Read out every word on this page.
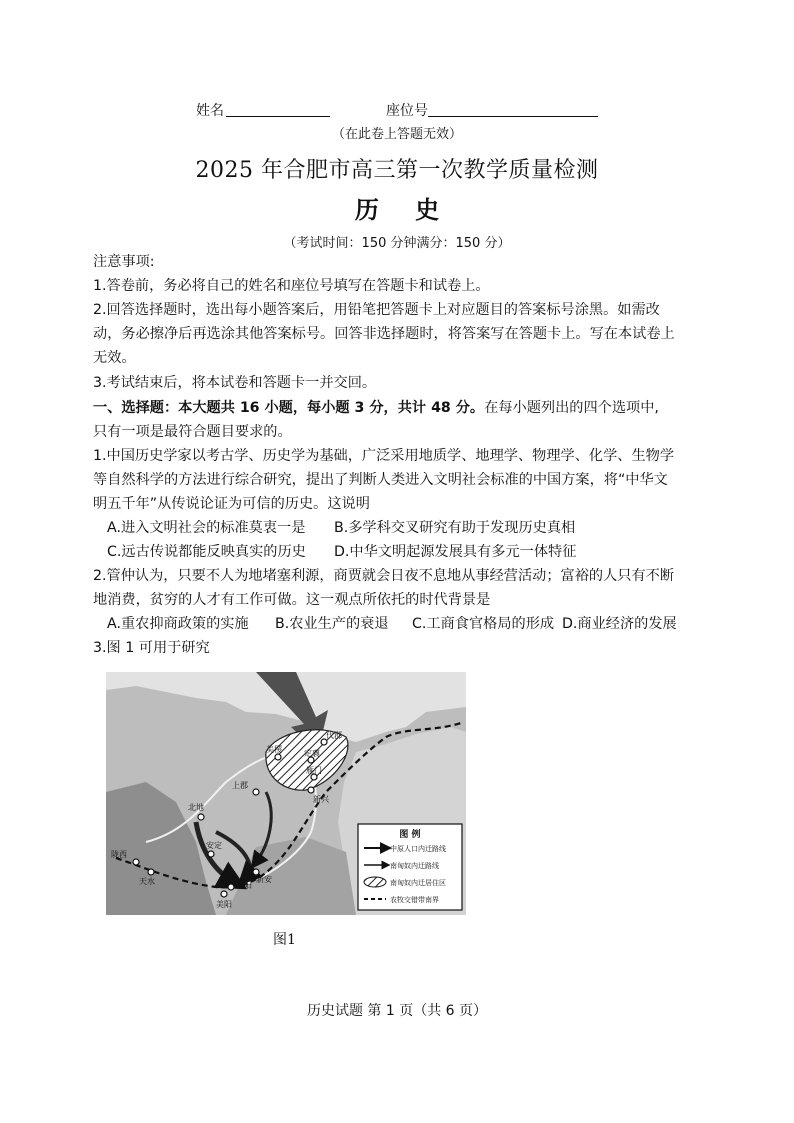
姓名	座位号
（在此卷上答题无效）
2025 年合肥市高三第一次教学质量检测
历 史
（考试时间：150 分钟满分：150 分）
注意事项:
1.答卷前，务必将自己的姓名和座位号填写在答题卡和试卷上。
2.回答选择题时，选出每小题答案后，用铅笔把答题卡上对应题目的答案标号涂黑。如需改
动，务必擦净后再选涂其他答案标号。回答非选择题时，将答案写在答题卡上。写在本试卷上
无效。
3.考试结束后，将本试卷和答题卡一并交回。
一、选择题：本大题共 16 小题，每小题 3 分，共计 48 分。在每小题列出的四个选项中,
只有一项是最符合题目要求的。
1.中国历史学家以考古学、历史学为基础，广泛采用地质学、地理学、物理学、化学、生物学
等自然科学的方法进行综合研究，提出了判断人类进入文明社会标准的中国方案，将“中华文
明五千年”从传说论证为可信的历史。这说明
A.进入文明社会的标准莫衷一是 B.多学科交叉研究有助于发现历史真相
C.远古传说都能反映真实的历史 D.中华文明起源发展具有多元一体特征
2.管仲认为，只要不人为地堵塞利源，商贾就会日夜不息地从事经营活动；富裕的人只有不断
地消费，贫穷的人才有工作可做。这一观点所依托的时代背景是
A.重农抑商政策的实施 B.农业生产的衰退 C.工商食官格局的形成 D.商业经济的发展
3.图 1 可用于研究
美稷	定襄
代郡
雁门
上郡
新兴
北地
安定
陇西
天水	新安
洛阳
美阳
图 例
中原人口内迁路线
南匈奴内迁路线
南匈奴内迁居住区
农牧交错带南界
图1
历史试题 第 1 页（共 6 页）
